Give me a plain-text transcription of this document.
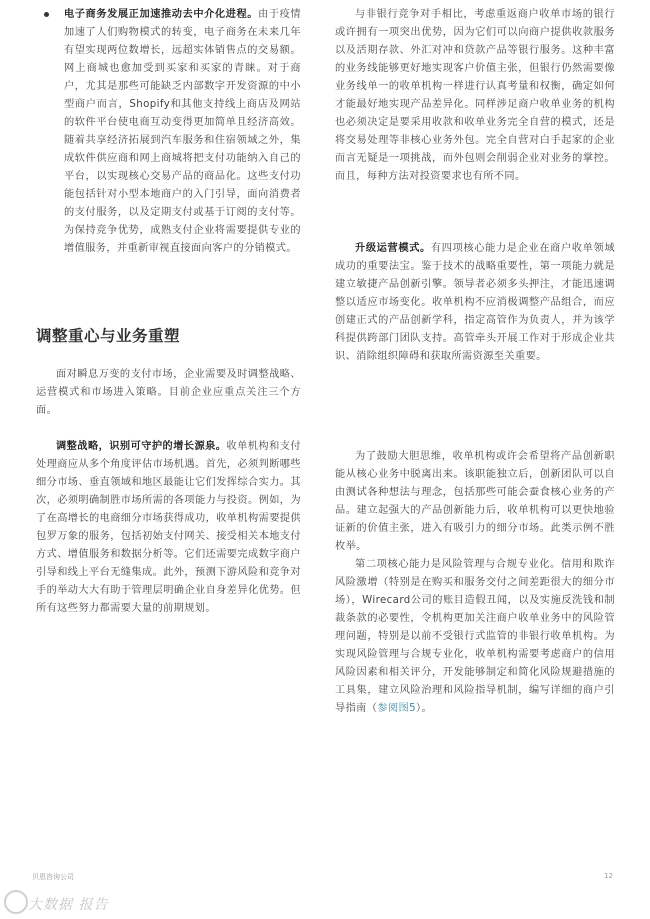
电子商务发展正加速推动去中介化进程。由于疫情加速了人们购物模式的转变，电子商务在未来几年有望实现两位数增长，远超实体销售点的交易额。网上商城也愈加受到买家和买家的青睐。对于商户，尤其是那些可能缺乏内部数字开发资源的中小型商户而言，Shopify和其他支持线上商店及网站的软件平台使电商互动变得更加简单且经济高效。随着共享经济拓展到汽车服务和住宿领域之外，集成软件供应商和网上商城将把支付功能纳入自己的平台，以实现核心交易产品的商品化。这些支付功能包括针对小型本地商户的入门引导，面向消费者的支付服务，以及定期支付或基于订阅的支付等。为保持竞争优势，成熟支付企业将需要提供专业的增值服务，并重新审视直接面向客户的分销模式。

调整重心与业务重塑

面对瞬息万变的支付市场，企业需要及时调整战略、运营模式和市场进入策略。目前企业应重点关注三个方面。

调整战略，识别可守护的增长源泉。收单机构和支付处理商应从多个角度评估市场机遇。首先，必须判断哪些细分市场、垂直领域和地区最能让它们发挥综合实力。其次，必须明确制胜市场所需的各项能力与投资。例如，为了在高增长的电商细分市场获得成功，收单机构需要提供包罗万象的服务，包括初始支付网关、接受相关本地支付方式、增值服务和数据分析等。它们还需要完成数字商户引导和线上平台无缝集成。此外，预测下游风险和竞争对手的举动大大有助于管理层明确企业自身差异化优势。但所有这些努力都需要大量的前期规划。

与非银行竞争对手相比，考虑重返商户收单市场的银行或许拥有一项突出优势，因为它们可以向商户提供收款服务以及活期存款、外汇对冲和贷款产品等银行服务。这种丰富的业务线能够更好地实现客户价值主张，但银行仍然需要像业务线单一的收单机构一样进行认真考量和权衡，确定如何才能最好地实现产品差异化。同样涉足商户收单业务的机构也必须决定是要采用收款和收单业务完全自营的模式，还是将交易处理等非核心业务外包。完全自营对白手起家的企业而言无疑是一项挑战，而外包则会削弱企业对业务的掌控。而且，每种方法对投资要求也有所不同。

升级运营模式。有四项核心能力是企业在商户收单领域成功的重要法宝。鉴于技术的战略重要性，第一项能力就是建立敏捷产品创新引擎。领导者必须多头押注，才能迅速调整以适应市场变化。收单机构不应消极调整产品组合，而应创建正式的产品创新学科，指定高管作为负责人，并为该学科提供跨部门团队支持。高管牵头开展工作对于形成企业共识、消除组织障碍和获取所需资源至关重要。

为了鼓励大胆思维，收单机构或许会希望将产品创新职能从核心业务中脱离出来。该职能独立后，创新团队可以自由测试各种想法与理念，包括那些可能会蚕食核心业务的产品。建立起强大的产品创新能力后，收单机构可以更快地验证新的价值主张，进入有吸引力的细分市场。此类示例不胜枚举。

第二项核心能力是风险管理与合规专业化。信用和欺诈风险激增（特别是在购买和服务交付之间差距很大的细分市场），Wirecard公司的账目造假丑闻，以及实施反洗钱和制裁条款的必要性，令机构更加关注商户收单业务中的风险管理问题，特别是以前不受银行式监管的非银行收单机构。为实现风险管理与合规专业化，收单机构需要考虑商户的信用风险因素和相关评分，开发能够制定和简化风险规避措施的工具集，建立风险治理和风险指导机制，编写详细的商户引导指南（参阅图5）。

贝恩咨询公司	12
大数据 报告
